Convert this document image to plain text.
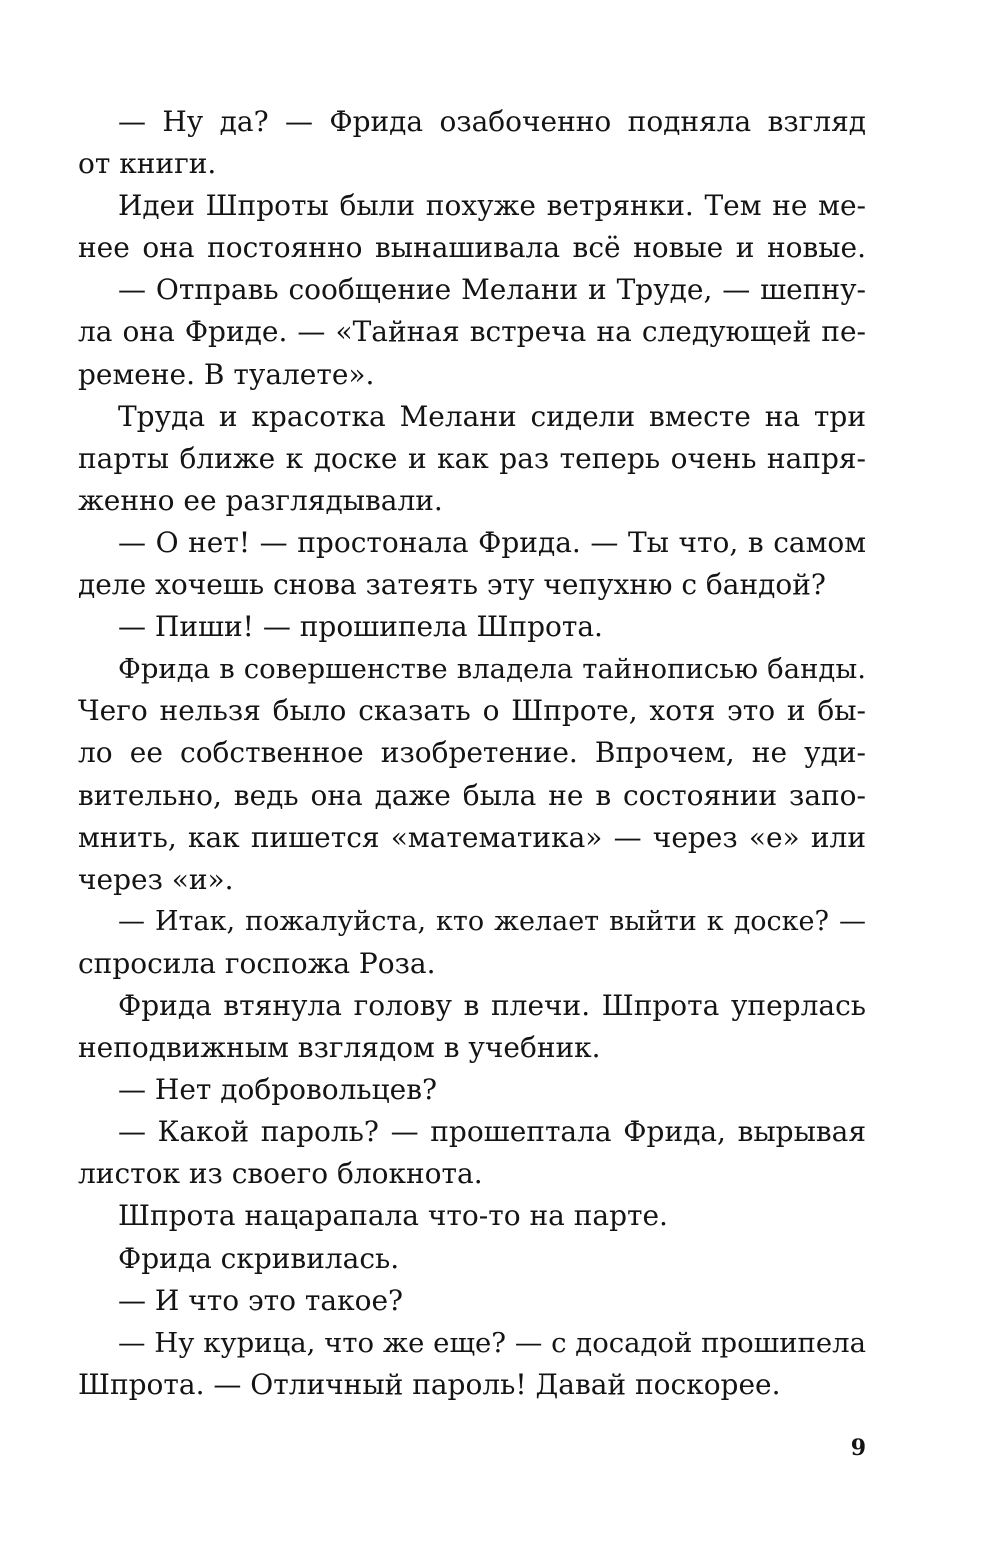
— Ну да? — Фрида озабоченно подняла взгляд
от книги.
Идеи Шпроты были похуже ветрянки. Тем не ме-
нее она постоянно вынашивала всё новые и новые.
— Отправь сообщение Мелани и Труде, — шепну-
ла она Фриде. — «Тайная встреча на следующей пе-
ремене. В туалете».
Труда и красотка Мелани сидели вместе на три
парты ближе к доске и как раз теперь очень напря-
женно ее разглядывали.
— О нет! — простонала Фрида. — Ты что, в самом
деле хочешь снова затеять эту чепухню с бандой?
— Пиши! — прошипела Шпрота.
Фрида в совершенстве владела тайнописью банды.
Чего нельзя было сказать о Шпроте, хотя это и бы-
ло ее собственное изобретение. Впрочем, не уди-
вительно, ведь она даже была не в состоянии запо-
мнить, как пишется «математика» — через «е» или
через «и».
— Итак, пожалуйста, кто желает выйти к доске? —
спросила госпожа Роза.
Фрида втянула голову в плечи. Шпрота уперлась
неподвижным взглядом в учебник.
— Нет добровольцев?
— Какой пароль? — прошептала Фрида, вырывая
листок из своего блокнота.
Шпрота нацарапала что-то на парте.
Фрида скривилась.
— И что это такое?
— Ну курица, что же еще? — с досадой прошипела
Шпрота. — Отличный пароль! Давай поскорее.
9
